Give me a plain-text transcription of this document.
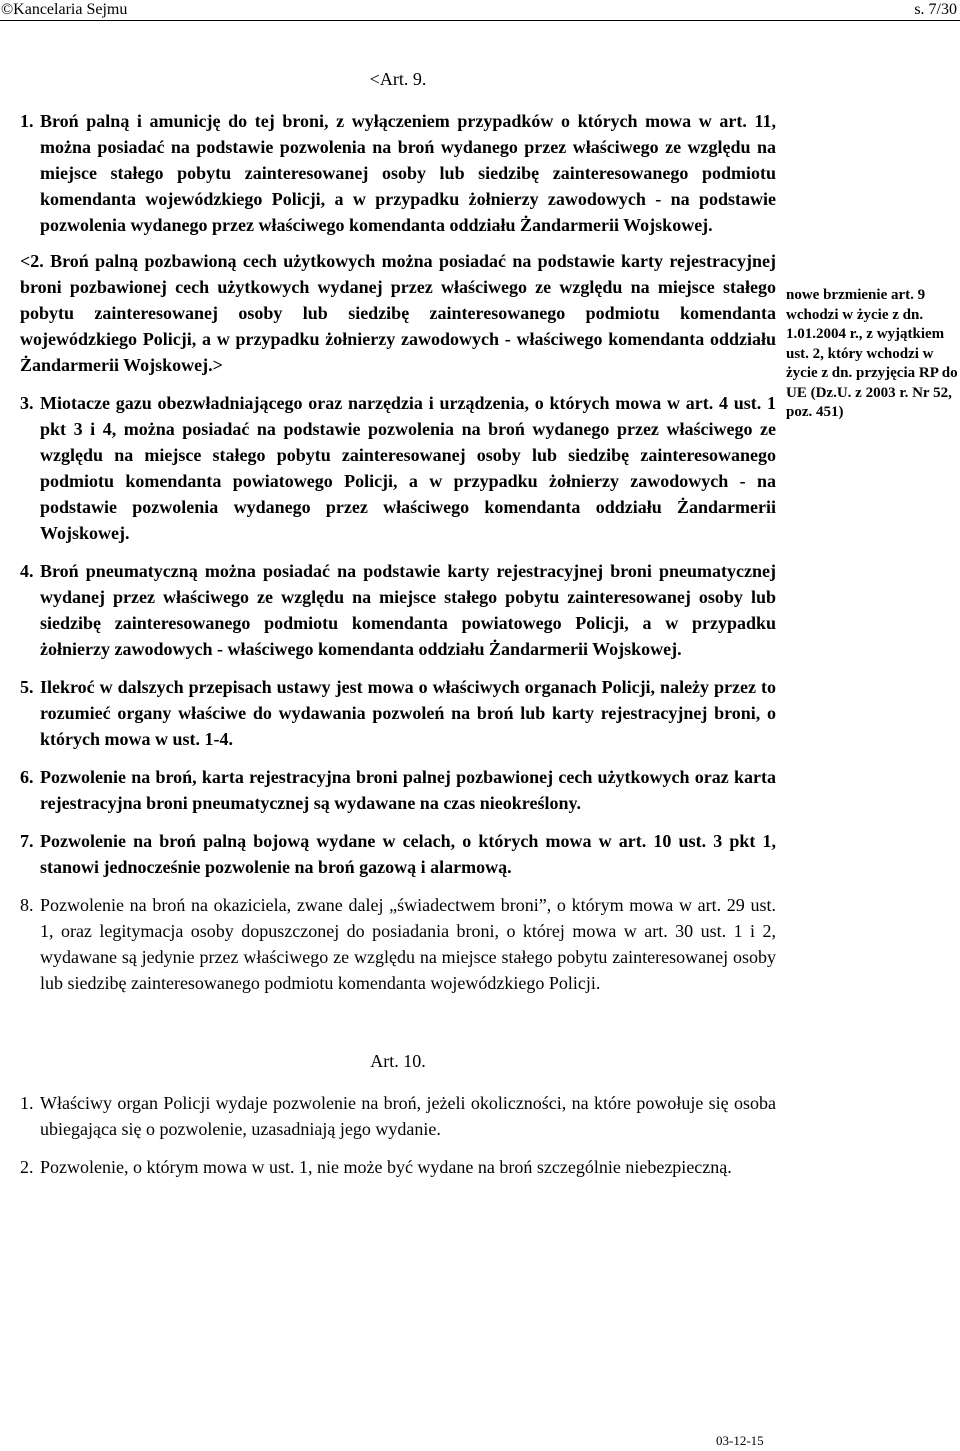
©Kancelaria Sejmu	s. 7/30
<Art. 9.

1. Broń palną i amunicję do tej broni, z wyłączeniem przypadków o których mowa w art. 11, można posiadać na podstawie pozwolenia na broń wydanego przez właściwego ze względu na miejsce stałego pobytu zainteresowanej osoby lub siedzibę zainteresowanego podmiotu komendanta wojewódzkiego Policji, a w przypadku żołnierzy zawodowych - na podstawie pozwolenia wydanego przez właściwego komendanta oddziału Żandarmerii Wojskowej.

<2. Broń palną pozbawioną cech użytkowych można posiadać na podstawie karty rejestracyjnej broni pozbawionej cech użytkowych wydanej przez właściwego ze względu na miejsce stałego pobytu zainteresowanej osoby lub siedzibę zainteresowanego podmiotu komendanta wojewódzkiego Policji, a w przypadku żołnierzy zawodowych - właściwego komendanta oddziału Żandarmerii Wojskowej.>

3. Miotacze gazu obezwładniającego oraz narzędzia i urządzenia, o których mowa w art. 4 ust. 1 pkt 3 i 4, można posiadać na podstawie pozwolenia na broń wydanego przez właściwego ze względu na miejsce stałego pobytu zainteresowanej osoby lub siedzibę zainteresowanego podmiotu komendanta powiatowego Policji, a w przypadku żołnierzy zawodowych - na podstawie pozwolenia wydanego przez właściwego komendanta oddziału Żandarmerii Wojskowej.

4. Broń pneumatyczną można posiadać na podstawie karty rejestracyjnej broni pneumatycznej wydanej przez właściwego ze względu na miejsce stałego pobytu zainteresowanej osoby lub siedzibę zainteresowanego podmiotu komendanta powiatowego Policji, a w przypadku żołnierzy zawodowych - właściwego komendanta oddziału Żandarmerii Wojskowej.

5. Ilekroć w dalszych przepisach ustawy jest mowa o właściwych organach Policji, należy przez to rozumieć organy właściwe do wydawania pozwoleń na broń lub karty rejestracyjnej broni, o których mowa w ust. 1-4.

6. Pozwolenie na broń, karta rejestracyjna broni palnej pozbawionej cech użytkowych oraz karta rejestracyjna broni pneumatycznej są wydawane na czas nieokreślony.

7. Pozwolenie na broń palną bojową wydane w celach, o których mowa w art. 10 ust. 3 pkt 1, stanowi jednocześnie pozwolenie na broń gazową i alarmową.

8. Pozwolenie na broń na okaziciela, zwane dalej „świadectwem broni”, o którym mowa w art. 29 ust. 1, oraz legitymacja osoby dopuszczonej do posiadania broni, o której mowa w art. 30 ust. 1 i 2, wydawane są jedynie przez właściwego ze względu na miejsce stałego pobytu zainteresowanej osoby lub siedzibę zainteresowanego podmiotu komendanta wojewódzkiego Policji.

Art. 10.

1. Właściwy organ Policji wydaje pozwolenie na broń, jeżeli okoliczności, na które powołuje się osoba ubiegająca się o pozwolenie, uzasadniają jego wydanie.

2. Pozwolenie, o którym mowa w ust. 1, nie może być wydane na broń szczególnie niebezpieczną.

nowe brzmienie art. 9 wchodzi w życie z dn. 1.01.2004 r., z wyjątkiem ust. 2, który wchodzi w życie z dn. przyjęcia RP do UE (Dz.U. z 2003 r. Nr 52, poz. 451)
03-12-15
